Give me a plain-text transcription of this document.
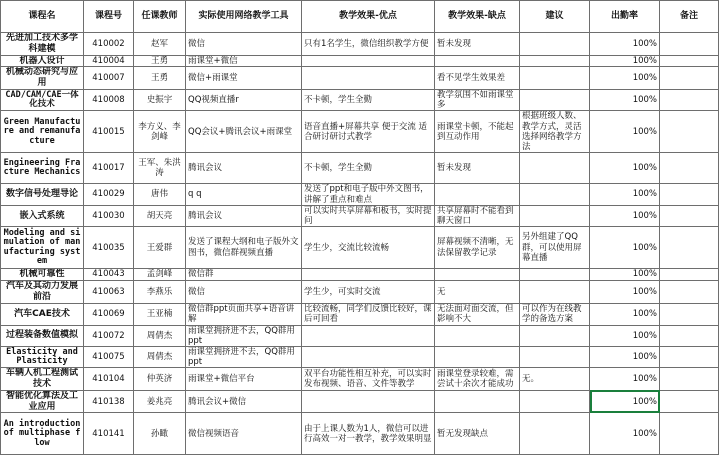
课程名	课程号	任课教师	实际使用网络教学工具	教学效果-优点	教学效果-缺点	建议	出勤率	备注
先进加工技术多学科建模	410002	赵军	微信	只有1名学生，微信组织教学方便	暂未发现		100%	
机器人设计	410004	王勇	雨课堂+微信				100%	
机械动态研究与应用	410007	王勇	微信+雨课堂		看不见学生效果差		100%	
CAD/CAM/CAE一体化技术	410008	史振宇	QQ视频直播r	不卡顿，学生全勤	教学氛围不如雨课堂多		100%	
Green Manufacture and remanufacture	410015	李方义、李剑峰	QQ会议+腾讯会议+雨课堂	语音直播+屏幕共享 便于交流 适合研讨研讨式教学	雨课堂卡顿，不能起到互动作用	根据班级人数、教学方式，灵活选择网络教学方法	100%	
Engineering Fracture Mechanics	410017	王军、朱洪涛	腾讯会议	不卡顿，学生全勤	暂未发现		100%	
数字信号处理导论	410029	唐伟	q q	发送了ppt和电子版中外文图书，讲解了重点和难点			100%	
嵌入式系统	410030	胡天亮	腾讯会议	可以实时共享屏幕和板书，实时提问	共享屏幕时不能看到聊天窗口		100%	
Modeling and simulation of manufacturing system	410035	王爱群	发送了课程大纲和电子版外文图书，微信群视频直播	学生少，交流比较流畅	屏幕视频不清晰，无法保留教学记录	另外组建了QQ群，可以使用屏幕直播	100%	
机械可靠性	410043	孟剑峰	微信群				100%	
汽车及其动力发展前沿	410063	李燕乐	微信	学生少，可实时交流	无		100%	
汽车CAE技术	410069	王亚楠	微信群ppt页面共享+语音讲解	比较流畅，同学们反馈比较好，课后可回看	无法面对面交流，但影响不大	可以作为在线教学的备选方案	100%	
过程装备数值模拟	410072	周倩杰	雨课堂拥挤进不去，QQ群用ppt				100%	
Elasticity and Plasticity	410075	周倩杰	雨课堂拥挤进不去，QQ群用ppt				100%	
车辆人机工程测试技术	410104	仲英济	雨课堂+微信平台	双平台功能性相互补充，可以实时发布视频、语音、文件等教学	雨课堂登录较难，需尝试十余次才能成功	无。	100%	
智能优化算法及工业应用	410138	姜兆亮	腾讯会议+微信				100%	
An introduction of multiphase flow	410141	孙瞰	微信视频语音	由于上课人数为1人，微信可以进行高效一对一教学，教学效果明显	暂无发现缺点		100%	
